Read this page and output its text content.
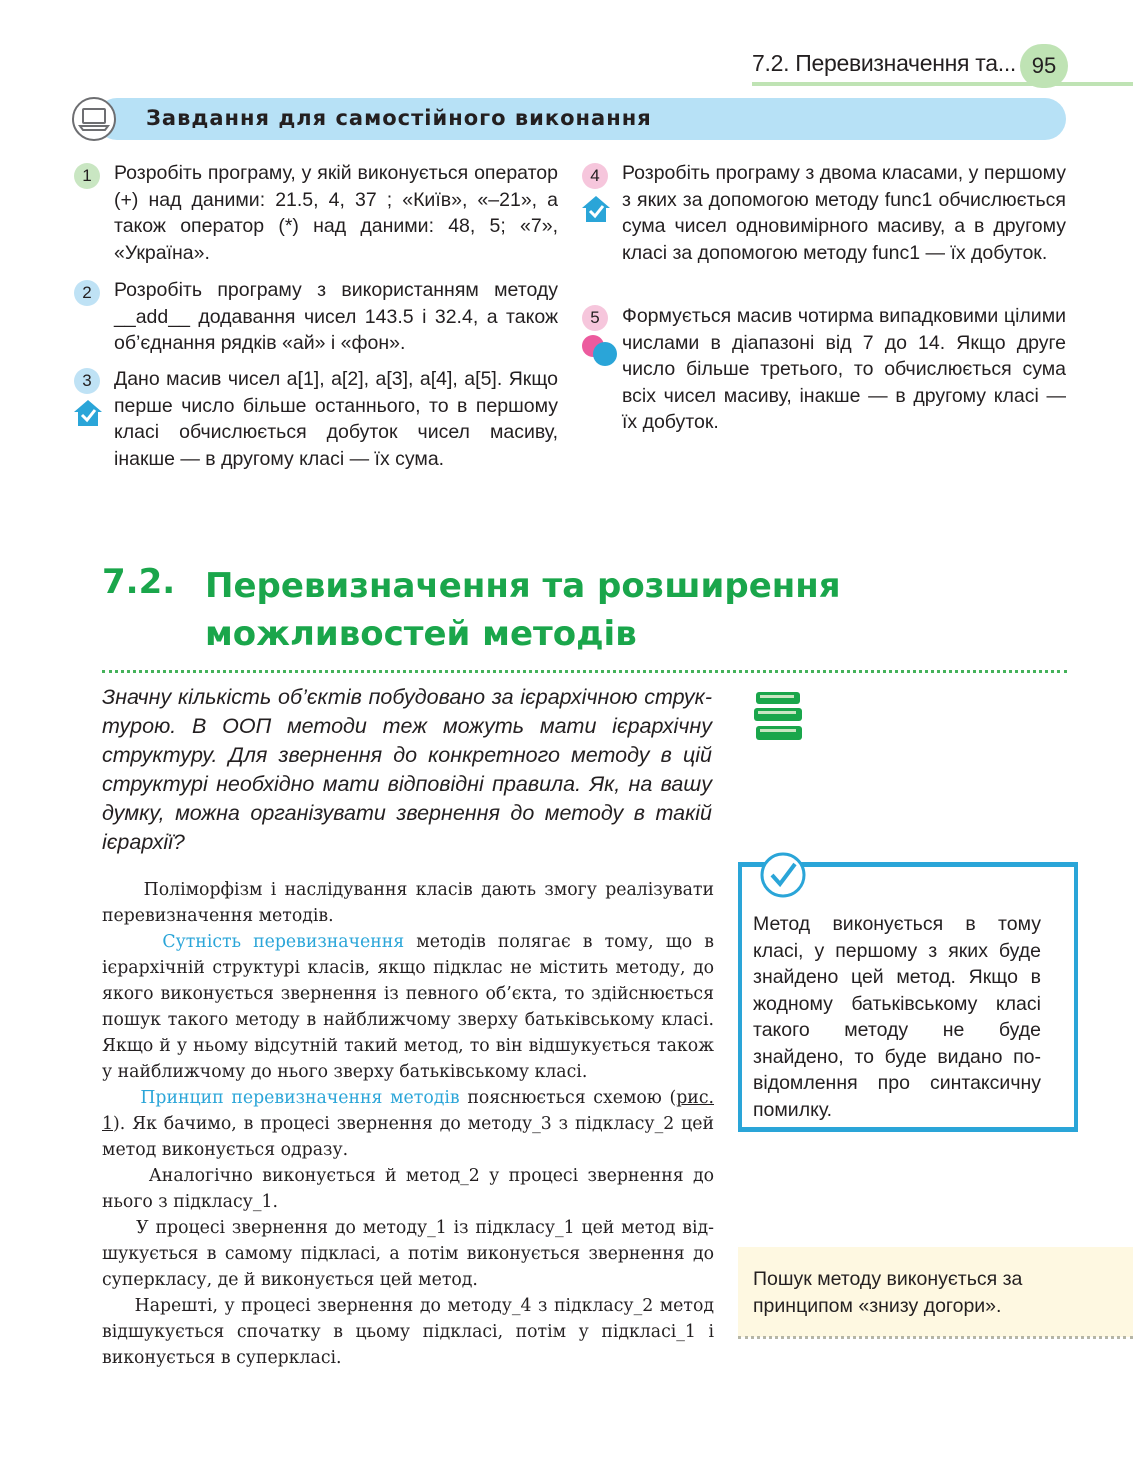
7.2. Перевизначення та... 95
Завдання для самостійного виконання
1	Розробіть програму, у якій виконується оператор (+) над даними: 21.5, 4, 37 ; «Київ», «–21», а також оператор (*) над даними: 48, 5; «7», «Україна».
2	Розробіть програму з використанням методу __add__ додавання чисел 143.5 і 32.4, а також об’єднання рядків «ай» і «фон».
3	Дано масив чисел a[1], a[2], a[3], a[4], a[5]. Якщо перше число більше останнього, то в першому класі обчислюється добуток чисел масиву, інакше — в другому класі — їх сума.
4	Розробіть програму з двома класами, у першому з яких за допомогою методу func1 обчислюється сума чисел одновимірного масиву, а в другому класі за допомогою методу func1 — їх добуток.
5	Формується масив чотирма випадковими цілими числами в діапазоні від 7 до 14. Якщо друге число більше третього, то обчислюється сума всіх чисел масиву, інакше — в другому класі — їх добуток.
7.2. Перевизначення та розширення можливостей методів
Значну кількість об’єктів побудовано за ієрархічною структурою. В ООП методи теж можуть мати ієрархічну структуру. Для звернення до конкретного методу в цій структурі необхідно мати відповідні правила. Як, на вашу думку, можна організувати звернення до методу в такій ієрархії?

Поліморфізм і наслідування класів дають змогу реалізувати перевизначення методів.

Сутність перевизначення методів полягає в тому, що в ієрархічній структурі класів, якщо підклас не містить методу, до якого виконується звернення із певного об’єкта, то здійснюється пошук такого методу в найближчому зверху батьківському класі. Якщо й у ньому відсутній такий метод, то він відшукується також у найближчому до нього зверху батьківському класі.

Принцип перевизначення методів пояснюється схемою (рис. 1). Як бачимо, в процесі звернення до методу_3 з підкласу_2 цей метод виконується одразу.

Аналогічно виконується й метод_2 у процесі звернення до нього з підкласу_1.

У процесі звернення до методу_1 із підкласу_1 цей метод відшукується в самому підкласі, а потім виконується звернення до суперкласу, де й виконується цей метод.

Нарешті, у процесі звернення до методу_4 з підкласу_2 метод відшукується спочатку в цьому підкласі, потім у підкласі_1 і виконується в суперкласі.

Метод виконується в тому класі, у першому з яких буде знайдено цей метод. Якщо в жодному батьківському класі такого методу не буде знайдено, то буде видано повідомлення про синтаксичну помилку.
Пошук методу виконується за принципом «знизу догори».
